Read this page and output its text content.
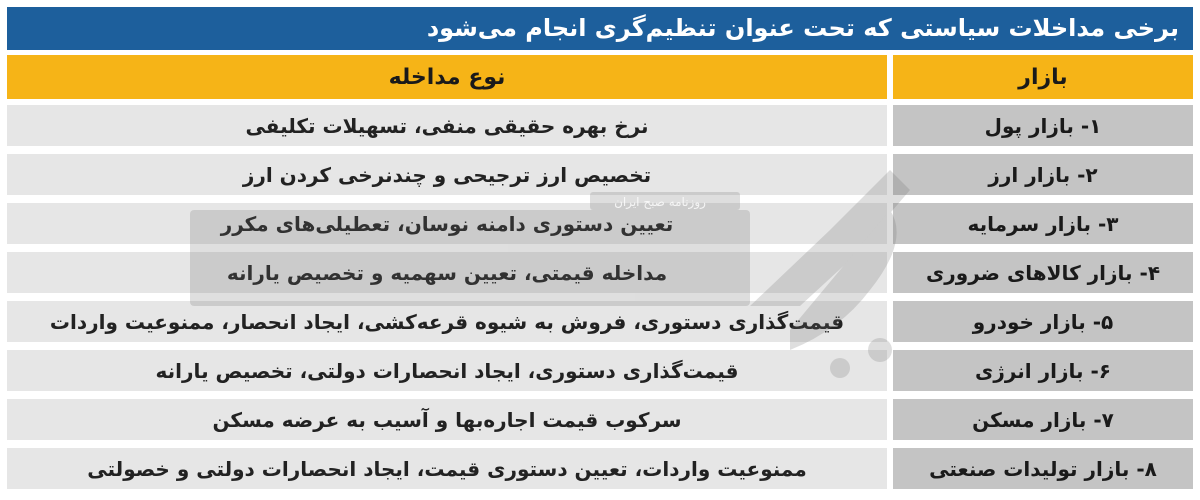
برخی مداخلات سیاستی که تحت عنوان تنظیم‌گری انجام می‌شود
بازار
نوع مداخله
۱- بازار پول
نرخ بهره حقیقی منفی، تسهیلات تکلیفی
۲- بازار ارز
تخصیص ارز ترجیحی و چندنرخی کردن ارز
۳- بازار سرمایه
تعیین دستوری دامنه نوسان، تعطیلی‌های مکرر
۴- بازار کالاهای ضروری
مداخله قیمتی، تعیین سهمیه و تخصیص یارانه
۵- بازار خودرو
قیمت‌گذاری دستوری، فروش به شیوه قرعه‌کشی، ایجاد انحصار، ممنوعیت واردات
۶- بازار انرژی
قیمت‌گذاری دستوری، ایجاد انحصارات دولتی، تخصیص یارانه
۷- بازار مسکن
سرکوب قیمت اجاره‌بها و آسیب به عرضه مسکن
۸- بازار تولیدات صنعتی
ممنوعیت واردات، تعیین دستوری قیمت، ایجاد انحصارات دولتی و خصولتی
روزنامه صبح ایران
